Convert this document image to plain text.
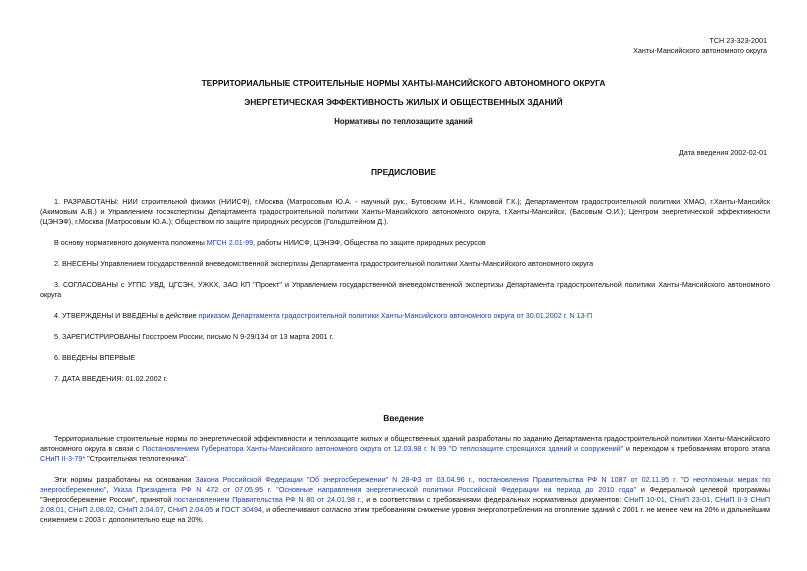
ТСН 23-323-2001
Ханты-Мансийского автономного округа
ТЕРРИТОРИАЛЬНЫЕ СТРОИТЕЛЬНЫЕ НОРМЫ ХАНТЫ-МАНСИЙСКОГО АВТОНОМНОГО ОКРУГА
ЭНЕРГЕТИЧЕСКАЯ ЭФФЕКТИВНОСТЬ ЖИЛЫХ И ОБЩЕСТВЕННЫХ ЗДАНИЙ
Нормативы по теплозащите зданий
Дата введения 2002-02-01
ПРЕДИСЛОВИЕ
1. РАЗРАБОТАНЫ: НИИ строительной физики (НИИСФ), г.Москва (Матросовым Ю.А. - научный рук., Бутовским И.Н., Климовой Г.К.); Департаментом градостроительной политики ХМАО, г.Ханты-Мансийск (Акимовым А.В.) и Управлением госэкспертизы Департамента градостроительной политики Ханты-Мансийского автономного округа, г.Ханты-Мансийск, (Басовым О.И.); Центром энергетической эффективности (ЦЭНЭФ), г.Москва (Матросовым Ю.А.); Обществом по защите природных ресурсов (Гольдштейном Д.).
В основу нормативного документа положены МГСН 2.01-99, работы НИИСФ, ЦЭНЭФ, Общества по защите природных ресурсов
2. ВНЕСЕНЫ Управлением государственной вневедомственной экспертизы Департамента градостроительной политики Ханты-Мансийского автономного округа
3. СОГЛАСОВАНЫ с УГПС УВД, ЦГСЭН, УЖКХ, ЗАО КП "Проект" и Управлением государственной вневедомственной экспертизы Департамента градостроительной политики Ханты-Мансийского автономного округа
4. УТВЕРЖДЕНЫ И ВВЕДЕНЫ в действие приказом Департамента градостроительной политики Ханты-Мансийского автономного округа от 30.01.2002 г. N 13-П
5. ЗАРЕГИСТРИРОВАНЫ Госстроем России, письмо N 9-29/134 от 13 марта 2001 г.
6. ВВЕДЕНЫ ВПЕРВЫЕ
7. ДАТА ВВЕДЕНИЯ: 01.02.2002 г.
Введение
Территориальные строительные нормы по энергетической эффективности и теплозащите жилых и общественных зданий разработаны по заданию Департамента градостроительной политики Ханты-Мансийского автономного округа в связи с Постановлением Губернатора Ханты-Мансийского автономного округа от 12.03.98 г. N 99 "О теплозащите строящихся зданий и сооружений" и переходом к требованиям второго этапа СНиП II-3-79* "Строительная теплотехника".
Эти нормы разработаны на основании Закона Российской Федерации "Об энергосбережении" N 28-ФЗ от 03.04.96 г., постановления Правительства РФ N 1087 от 02.11.95 г. "О неотложных мерах по энергосбережению", Указа Президента РФ N 472 от 07.05.95 г. "Основные направления энергетической политики Российской Федерации на период до 2010 года" и Федеральной целевой программы "Энергосбережение России", принятой постановлением Правительства РФ N 80 от 24.01.98 г., и в соответствии с требованиями федеральных нормативных документов: СНиП 10-01, СНиП 23-01, СНиП II-3 СНиП 2.08.01, СНиП 2.08.02, СНиП 2.04.07, СНиП 2.04.05 и ГОСТ 30494, и обеспечивают согласно этим требованиям снижение уровня энергопотребления на отопление зданий с 2001 г. не менее чем на 20% и дальнейшим снижением с 2003 г. дополнительно еще на 20%.
